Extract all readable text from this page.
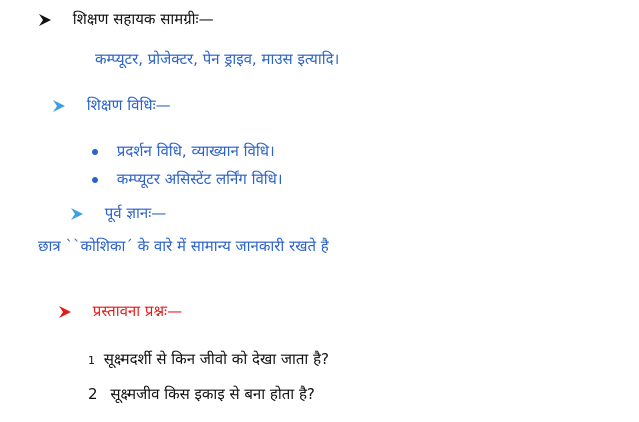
शिक्षण सहायक सामग्रीः—
कम्प्यूटर, प्रोजेक्टर, पेन ड्राइव, माउस इत्यादि।
शिक्षण विधिः—
प्रदर्शन विधि, व्याख्यान विधि।
कम्प्यूटर असिस्टेंट लर्निंग विधि।
पूर्व ज्ञानः—
छात्र ``कोशिका´ के वारे में सामान्य जानकारी रखते है
प्रस्तावना प्रश्नः—
1 सूक्ष्मदर्शी से किन जीवो को देखा जाता है?
2 सूक्ष्मजीव किस इकाइ से बना होता है?
